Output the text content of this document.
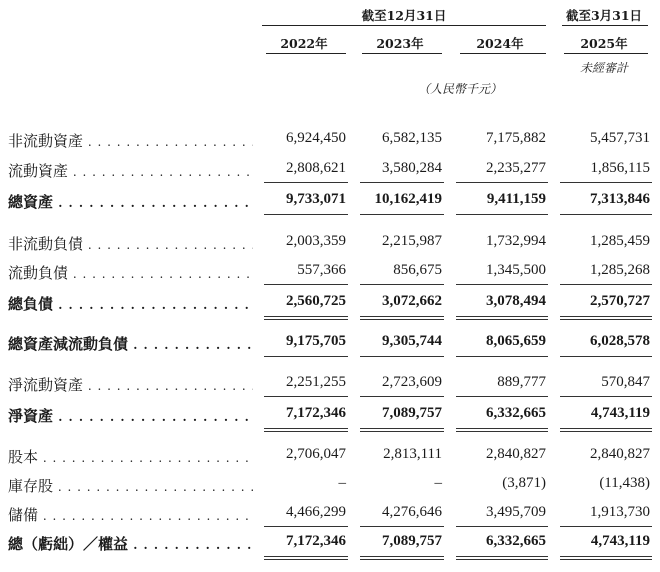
截至12月31日	截至3月31日
2022年	2023年	2024年	2025年
未經審計
（人民幣千元）
非流動資產 . . .	6,924,450	6,582,135	7,175,882	5,457,731
流動資產 . . .	2,808,621	3,580,284	2,235,277	1,856,115
總資產 . . .	9,733,071	10,162,419	9,411,159	7,313,846
非流動負債 . . .	2,003,359	2,215,987	1,732,994	1,285,459
流動負債 . . .	557,366	856,675	1,345,500	1,285,268
總負債 . . .	2,560,725	3,072,662	3,078,494	2,570,727
總資產減流動負債 . . .	9,175,705	9,305,744	8,065,659	6,028,578
淨流動資產 . . .	2,251,255	2,723,609	889,777	570,847
淨資產 . . .	7,172,346	7,089,757	6,332,665	4,743,119
股本 . . .	2,706,047	2,813,111	2,840,827	2,840,827
庫存股 . . .	–	–	(3,871)	(11,438)
儲備 . . .	4,466,299	4,276,646	3,495,709	1,913,730
總（虧絀）／權益 . . .	7,172,346	7,089,757	6,332,665	4,743,119
